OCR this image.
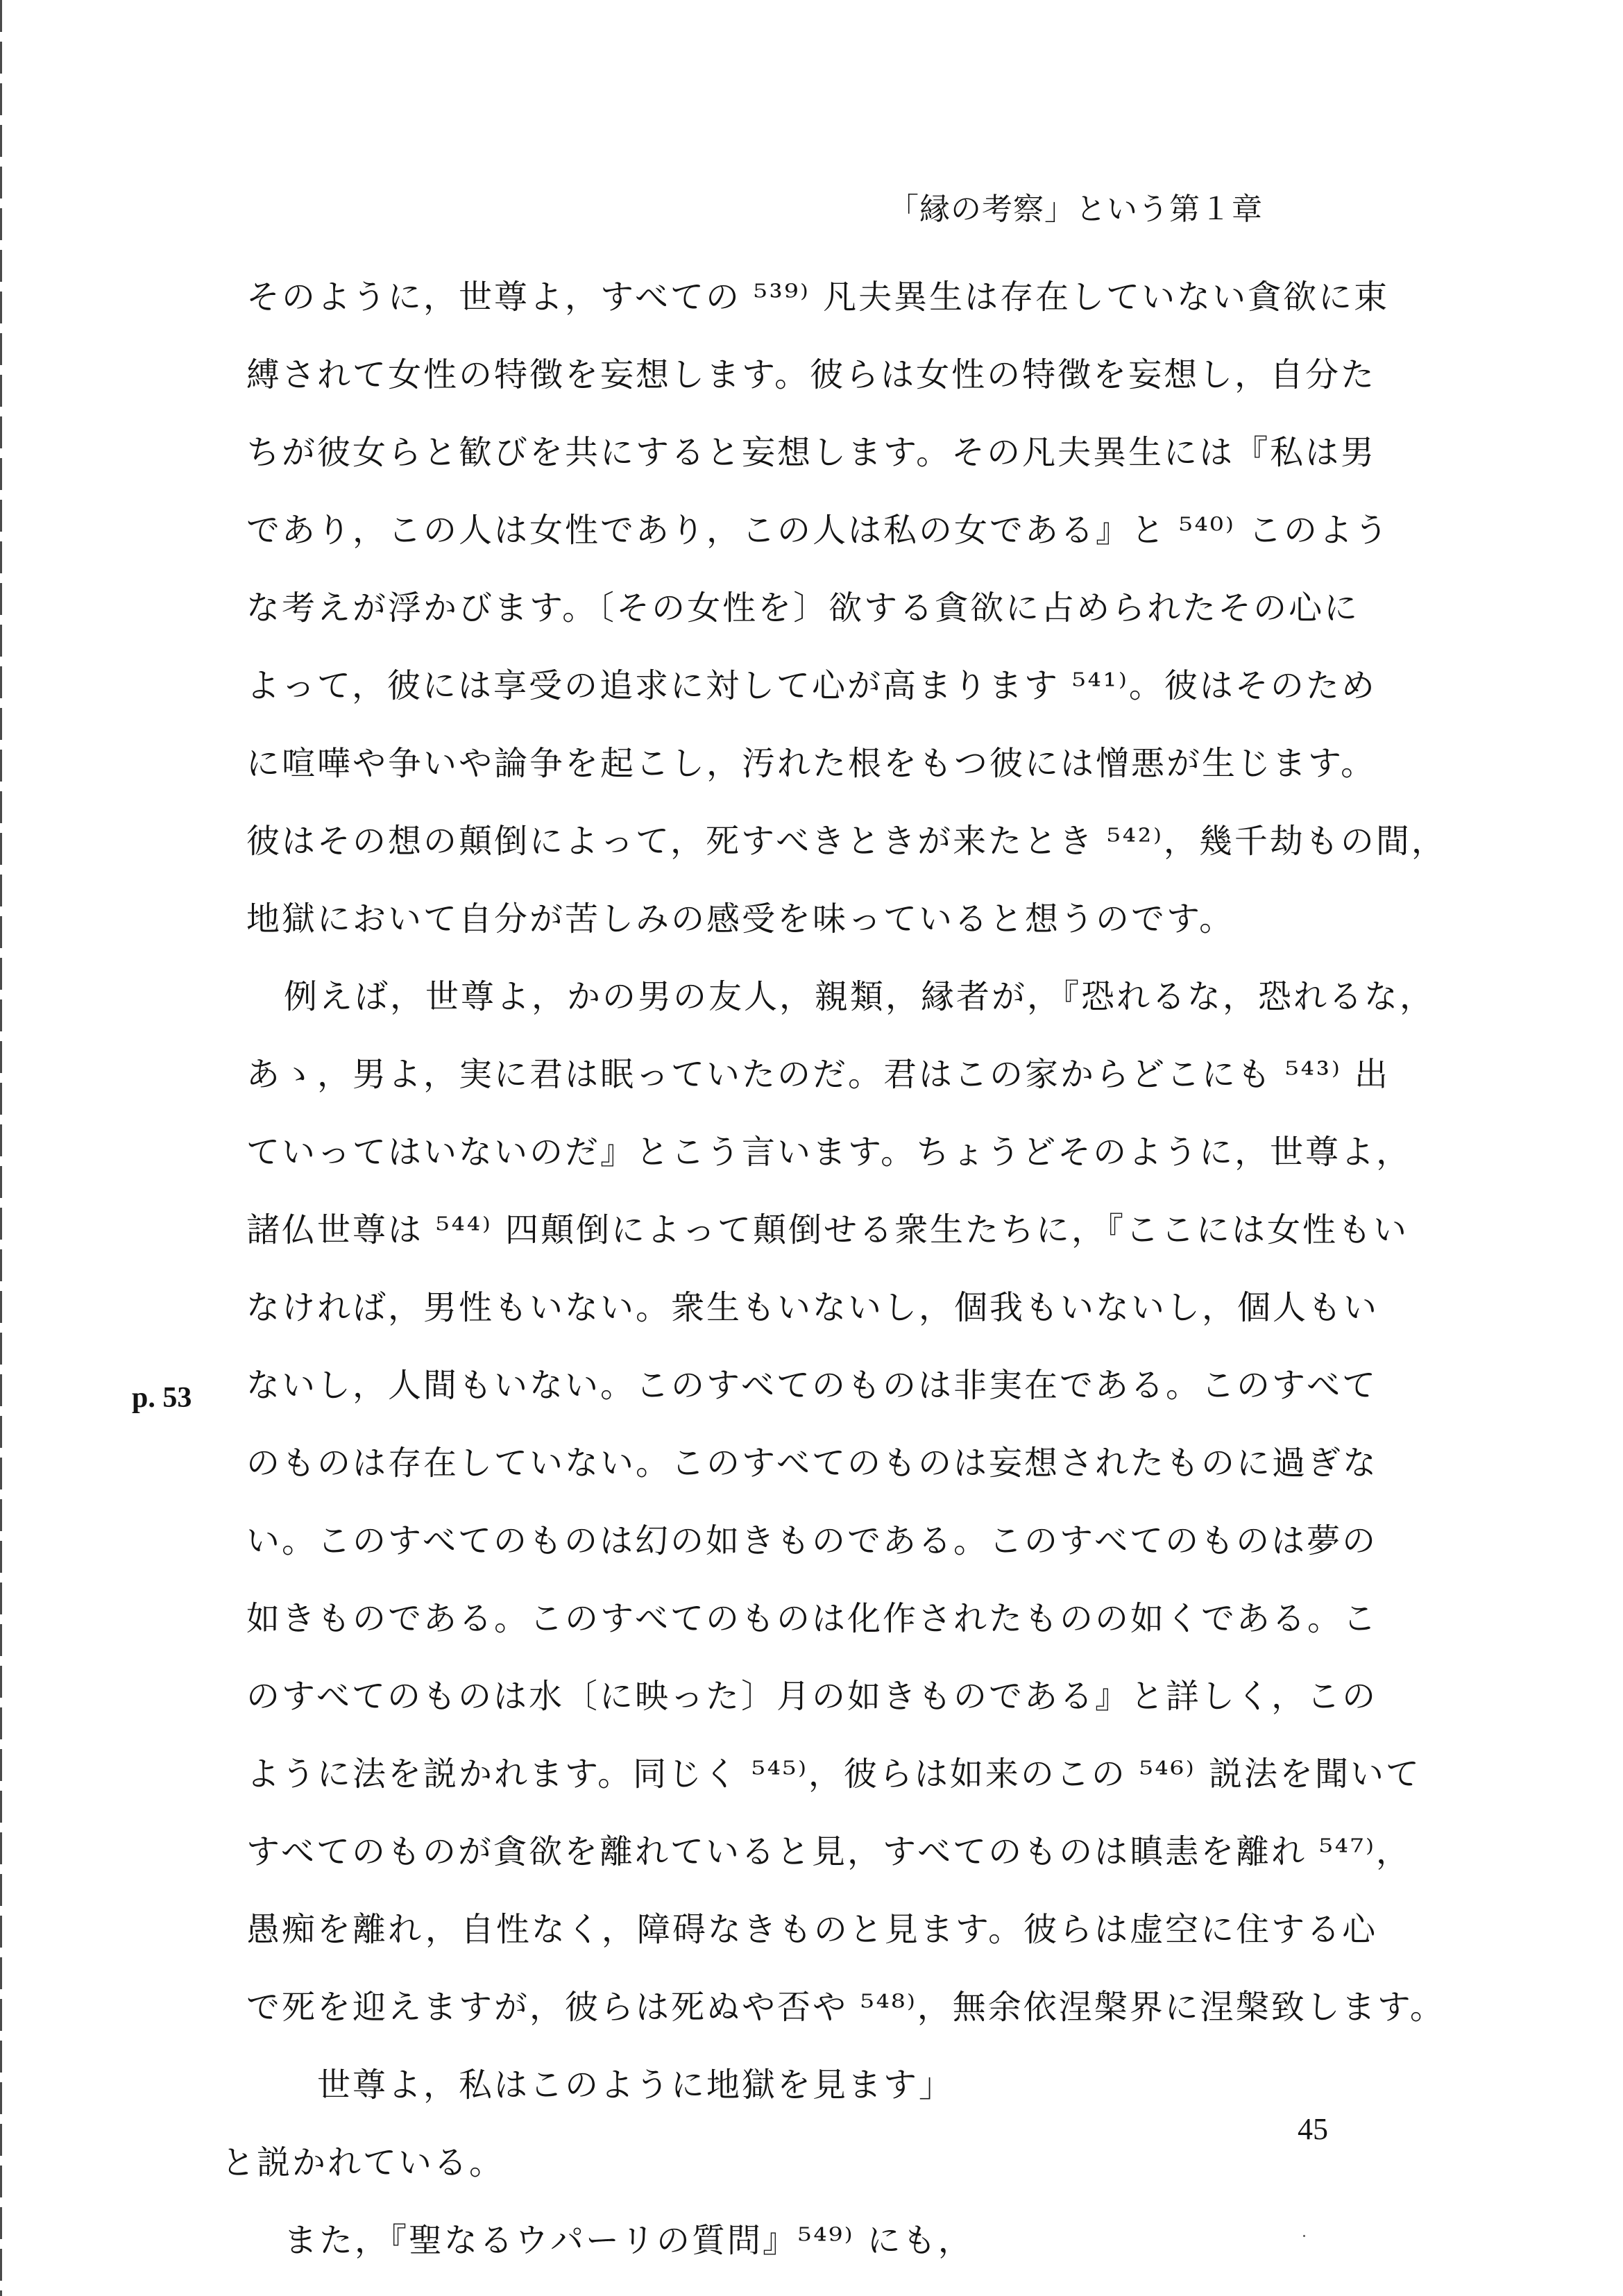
「縁の考察」という第１章
p. 53
そのように，世尊よ，すべての ⁵³⁹⁾ 凡夫異生は存在していない貪欲に束
縛されて女性の特徴を妄想します。彼らは女性の特徴を妄想し，自分た
ちが彼女らと歓びを共にすると妄想します。その凡夫異生には『私は男
であり，この人は女性であり，この人は私の女である』と ⁵⁴⁰⁾ このよう
な考えが浮かびます。〔その女性を〕欲する貪欲に占められたその心に
よって，彼には享受の追求に対して心が高まります ⁵⁴¹⁾。彼はそのため
に喧嘩や争いや論争を起こし，汚れた根をもつ彼には憎悪が生じます。
彼はその想の顛倒によって，死すべきときが来たとき ⁵⁴²⁾，幾千劫もの間，
地獄において自分が苦しみの感受を味っていると想うのです。
例えば，世尊よ，かの男の友人，親類，縁者が，『恐れるな，恐れるな，
あゝ，男よ，実に君は眠っていたのだ。君はこの家からどこにも ⁵⁴³⁾ 出
ていってはいないのだ』とこう言います。ちょうどそのように，世尊よ，
諸仏世尊は ⁵⁴⁴⁾ 四顛倒によって顛倒せる衆生たちに，『ここには女性もい
なければ，男性もいない。衆生もいないし，個我もいないし，個人もい
ないし，人間もいない。このすべてのものは非実在である。このすべて
のものは存在していない。このすべてのものは妄想されたものに過ぎな
い。このすべてのものは幻の如きものである。このすべてのものは夢の
如きものである。このすべてのものは化作されたものの如くである。こ
のすべてのものは水〔に映った〕月の如きものである』と詳しく，この
ように法を説かれます。同じく ⁵⁴⁵⁾，彼らは如来のこの ⁵⁴⁶⁾ 説法を聞いて
すべてのものが貪欲を離れていると見，すべてのものは瞋恚を離れ ⁵⁴⁷⁾，
愚痴を離れ，自性なく，障碍なきものと見ます。彼らは虚空に住する心
で死を迎えますが，彼らは死ぬや否や ⁵⁴⁸⁾，無余依涅槃界に涅槃致します。
世尊よ，私はこのように地獄を見ます」
と説かれている。
また，『聖なるウパーリの質問』⁵⁴⁹⁾ にも，
45
